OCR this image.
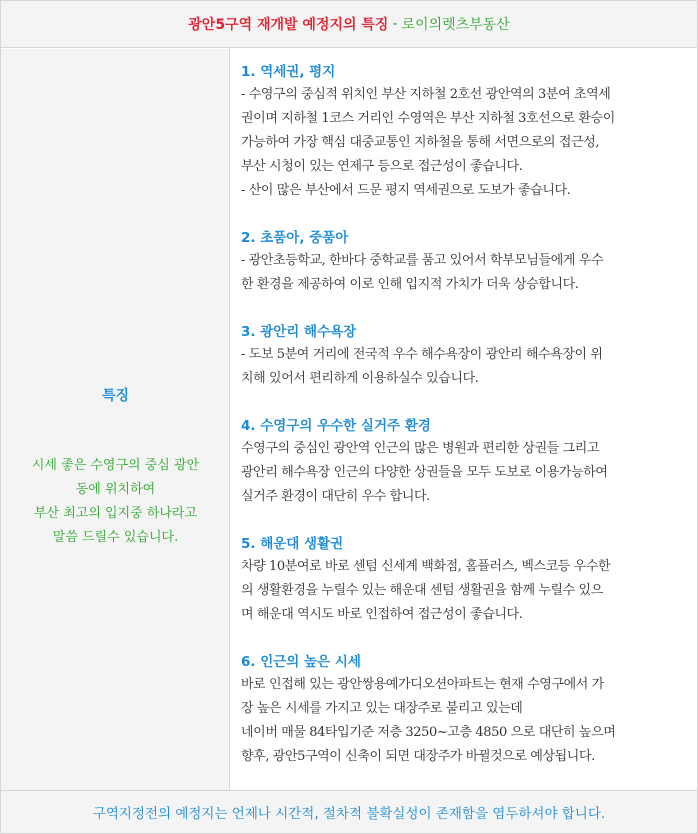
광안5구역 재개발 예정지의 특징 - 로이의렛츠부동산
특징
시세 좋은 수영구의 중심 광안
동에 위치하여
부산 최고의 입지중 하나라고
말씀 드릴수 있습니다.
1. 역세권, 평지
- 수영구의 중심적 위치인 부산 지하철 2호선 광안역의 3분여 초역세
권이며 지하철 1코스 거리인 수영역은 부산 지하철 3호선으로 환승이
가능하여 가장 핵심 대중교통인 지하철을 통해 서면으로의 접근성,
부산 시청이 있는 연제구 등으로 접근성이 좋습니다.
- 산이 많은 부산에서 드문 평지 역세권으로 도보가 좋습니다.
2. 초품아, 중품아
- 광안초등학교, 한바다 중학교를 품고 있어서 학부모님들에게 우수
한 환경을 제공하여 이로 인해 입지적 가치가 더욱 상승합니다.
3. 광안리 해수욕장
- 도보 5분여 거리에 전국적 우수 해수욕장이 광안리 해수욕장이 위
치해 있어서 편리하게 이용하실수 있습니다.
4. 수영구의 우수한 실거주 환경
수영구의 중심인 광안역 인근의 많은 병원과 편리한 상권들 그리고
광안리 해수욕장 인근의 다양한 상권들을 모두 도보로 이용가능하여
실거주 환경이 대단히 우수 합니다.
5. 해운대 생활권
차량 10분여로 바로 센텀 신세계 백화점, 홈플러스, 벡스코등 우수한
의 생활환경을 누릴수 있는 해운대 센텀 생활권을 함께 누릴수 있으
며 해운대 역시도 바로 인접하여 접근성이 좋습니다.
6. 인근의 높은 시세
바로 인접해 있는 광안쌍용예가디오션아파트는 현재 수영구에서 가
장 높은 시세를 가지고 있는 대장주로 불리고 있는데
네이버 매물 84타입기준 저층 3250~고층 4850 으로 대단히 높으며
향후, 광안5구역이 신축이 되면 대장주가 바뀔것으로 예상됩니다.
구역지정전의 예정지는 언제나 시간적, 절차적 불확실성이 존재함을 염두하셔야 합니다.
